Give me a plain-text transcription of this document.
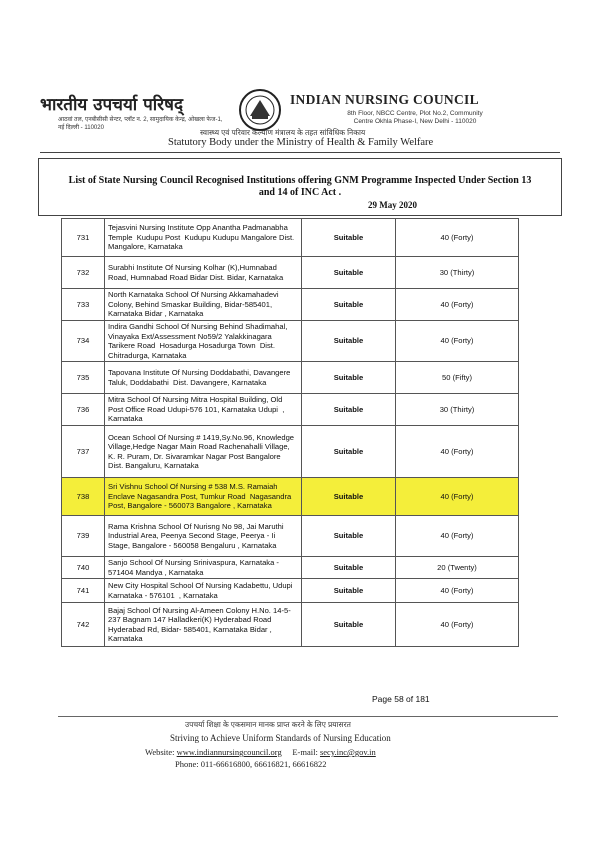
भारतीय उपचर्या परिषद्
आठवां तल, एनबीसीसी सेन्टर, प्लॉट न. 2, सामुदायिक केन्द्र, ओखला फेज-1, नई दिल्ली - 110020
INDIAN NURSING COUNCIL
8th Floor, NBCC Centre, Plot No.2, Community Centre Okhla Phase-I, New Delhi - 110020
स्वास्थ्य एवं परिवार कल्याण मंत्रालय के तहत सांविधिक निकाय
Statutory Body under the Ministry of Health & Family Welfare
List of State Nursing Council Recognised Institutions offering GNM Programme Inspected Under Section 13 and 14 of INC Act .
29 May 2020
731	Tejasvini Nursing Institute Opp Anantha Padmanabha Temple  Kudupu Post  Kudupu Kudupu Mangalore Dist. Mangalore, Karnataka	Suitable	40 (Forty)
732	Surabhi Institute Of Nursing Kolhar (K),Humnabad Road, Humnabad Road Bidar Dist. Bidar, Karnataka	Suitable	30 (Thirty)
733	North Karnataka School Of Nursing Akkamahadevi Colony, Behind Smaskar Building, Bidar-585401, Karnataka Bidar , Karnataka	Suitable	40 (Forty)
734	Indira Gandhi School Of Nursing Behind Shadimahal, Vinayaka Ext/Assessment No59/2 Yalakkinagara Tarikere Road  Hosadurga Hosadurga Town  Dist. Chitradurga, Karnataka	Suitable	40 (Forty)
735	Tapovana Institute Of Nursing Doddabathi, Davangere Taluk, Doddabathi  Dist. Davangere, Karnataka	Suitable	50 (Fifty)
736	Mitra School Of Nursing Mitra Hospital Building, Old Post Office Road Udupi-576 101, Karnataka Udupi  , Karnataka	Suitable	30 (Thirty)
737	Ocean School Of Nursing # 1419,Sy.No.96, Knowledge Village,Hedge Nagar Main Road Rachenahalli Village, K. R. Puram, Dr. Sivaramkar Nagar Post Bangalore  Dist. Bangaluru, Karnataka	Suitable	40 (Forty)
738	Sri Vishnu School Of Nursing # 538 M.S. Ramaiah Enclave Nagasandra Post, Tumkur Road  Nagasandra Post, Bangalore - 560073 Bangalore , Karnataka	Suitable	40 (Forty)
739	Rama Krishna School Of Nurisng No 98, Jai Maruthi Industrial Area, Peenya Second Stage, Peerya - Ii Stage, Bangalore - 560058 Bengaluru , Karnataka	Suitable	40 (Forty)
740	Sanjo School Of Nursing Srinivaspura, Karnataka - 571404 Mandya , Karnataka	Suitable	20 (Twenty)
741	New City Hospital School Of Nursing Kadabettu, Udupi Karnataka - 576101  , Karnataka	Suitable	40 (Forty)
742	Bajaj School Of Nursing Al-Ameen Colony H.No. 14-5-237 Bagnam 147 Halladkeri(K) Hyderabad Road  Hyderabad Rd, Bidar- 585401, Karnataka Bidar , Karnataka	Suitable	40 (Forty)
Page 58 of 181
उपचर्या शिक्षा के एकसमान मानक प्राप्त करने के लिए प्रयासरत
Striving to Achieve Uniform Standards of Nursing Education
Website: www.indiannursingcouncil.org E-mail: secy.inc@gov.in
Phone: 011-66616800, 66616821, 66616822
